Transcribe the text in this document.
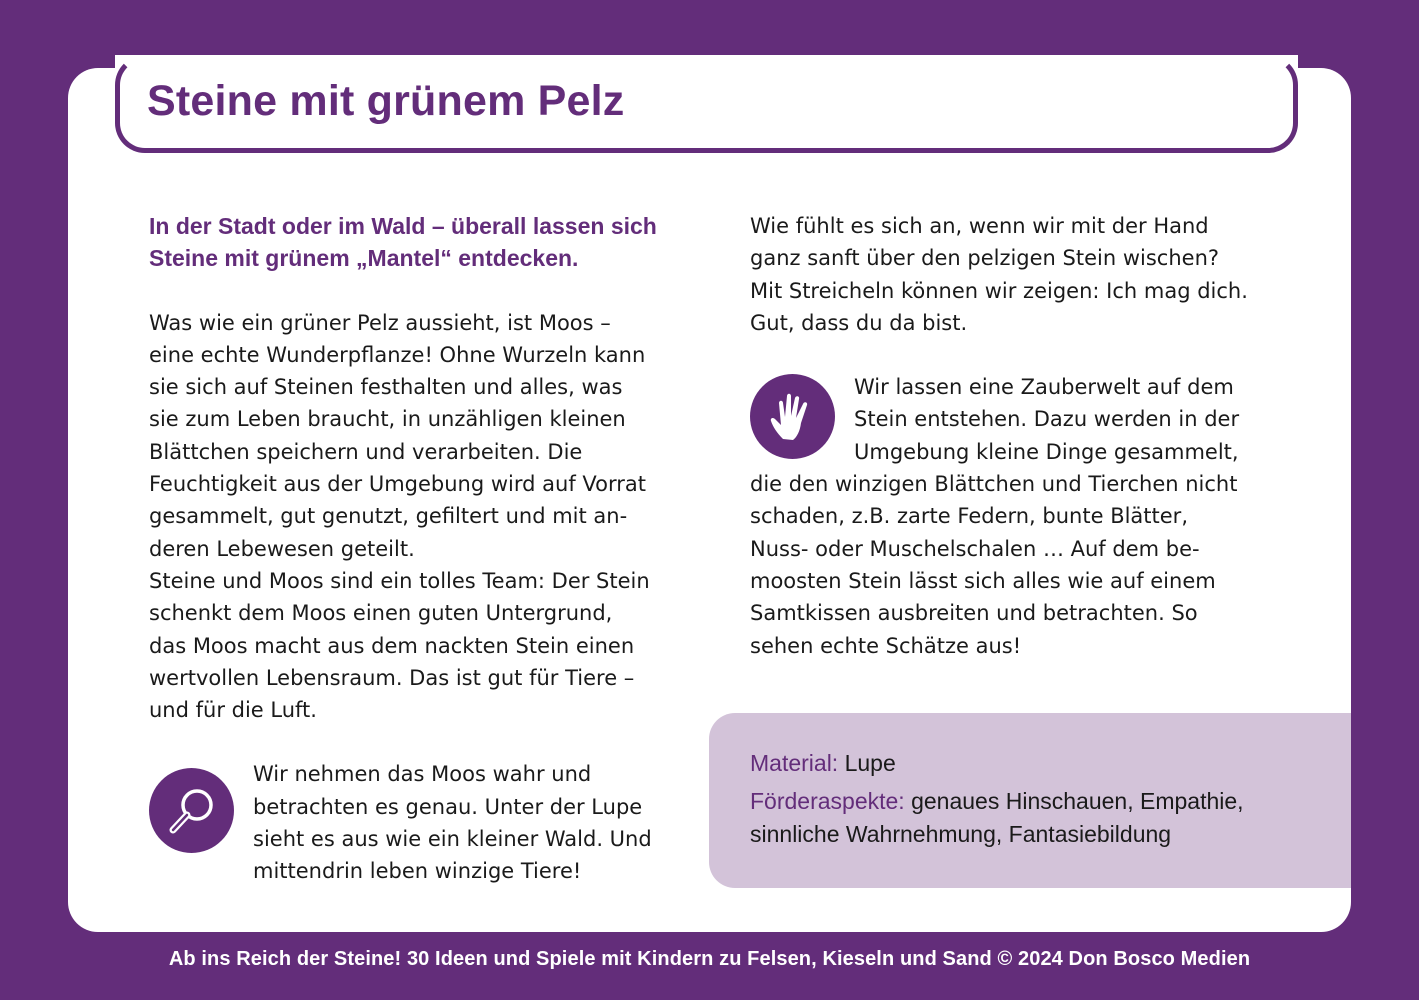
Steine mit grünem Pelz

In der Stadt oder im Wald – überall lassen sich

Steine mit grünem „Mantel“ entdecken.

Was wie ein grüner Pelz aussieht, ist Moos –

eine echte Wunderpflanze! Ohne Wurzeln kann

sie sich auf Steinen festhalten und alles, was

sie zum Leben braucht, in unzähligen kleinen

Blättchen speichern und verarbeiten. Die

Feuchtigkeit aus der Umgebung wird auf Vorrat

gesammelt, gut genutzt, gefiltert und mit an-

deren Lebewesen geteilt.

Steine und Moos sind ein tolles Team: Der Stein

schenkt dem Moos einen guten Untergrund,

das Moos macht aus dem nackten Stein einen

wertvollen Lebensraum. Das ist gut für Tiere –

und für die Luft.

Wir nehmen das Moos wahr und

betrachten es genau. Unter der Lupe

sieht es aus wie ein kleiner Wald. Und

mittendrin leben winzige Tiere!

Wie fühlt es sich an, wenn wir mit der Hand

ganz sanft über den pelzigen Stein wischen?

Mit Streicheln können wir zeigen: Ich mag dich.

Gut, dass du da bist.

Wir lassen eine Zauberwelt auf dem

Stein entstehen. Dazu werden in der

Umgebung kleine Dinge gesammelt,

die den winzigen Blättchen und Tierchen nicht

schaden, z.B. zarte Federn, bunte Blätter,

Nuss- oder Muschelschalen … Auf dem be-

moosten Stein lässt sich alles wie auf einem

Samtkissen ausbreiten und betrachten. So

sehen echte Schätze aus!

Material: Lupe

Förderaspekte: genaues Hinschauen, Empathie,
sinnliche Wahrnehmung, Fantasiebildung

Ab ins Reich der Steine! 30 Ideen und Spiele mit Kindern zu Felsen, Kieseln und Sand © 2024 Don Bosco Medien
